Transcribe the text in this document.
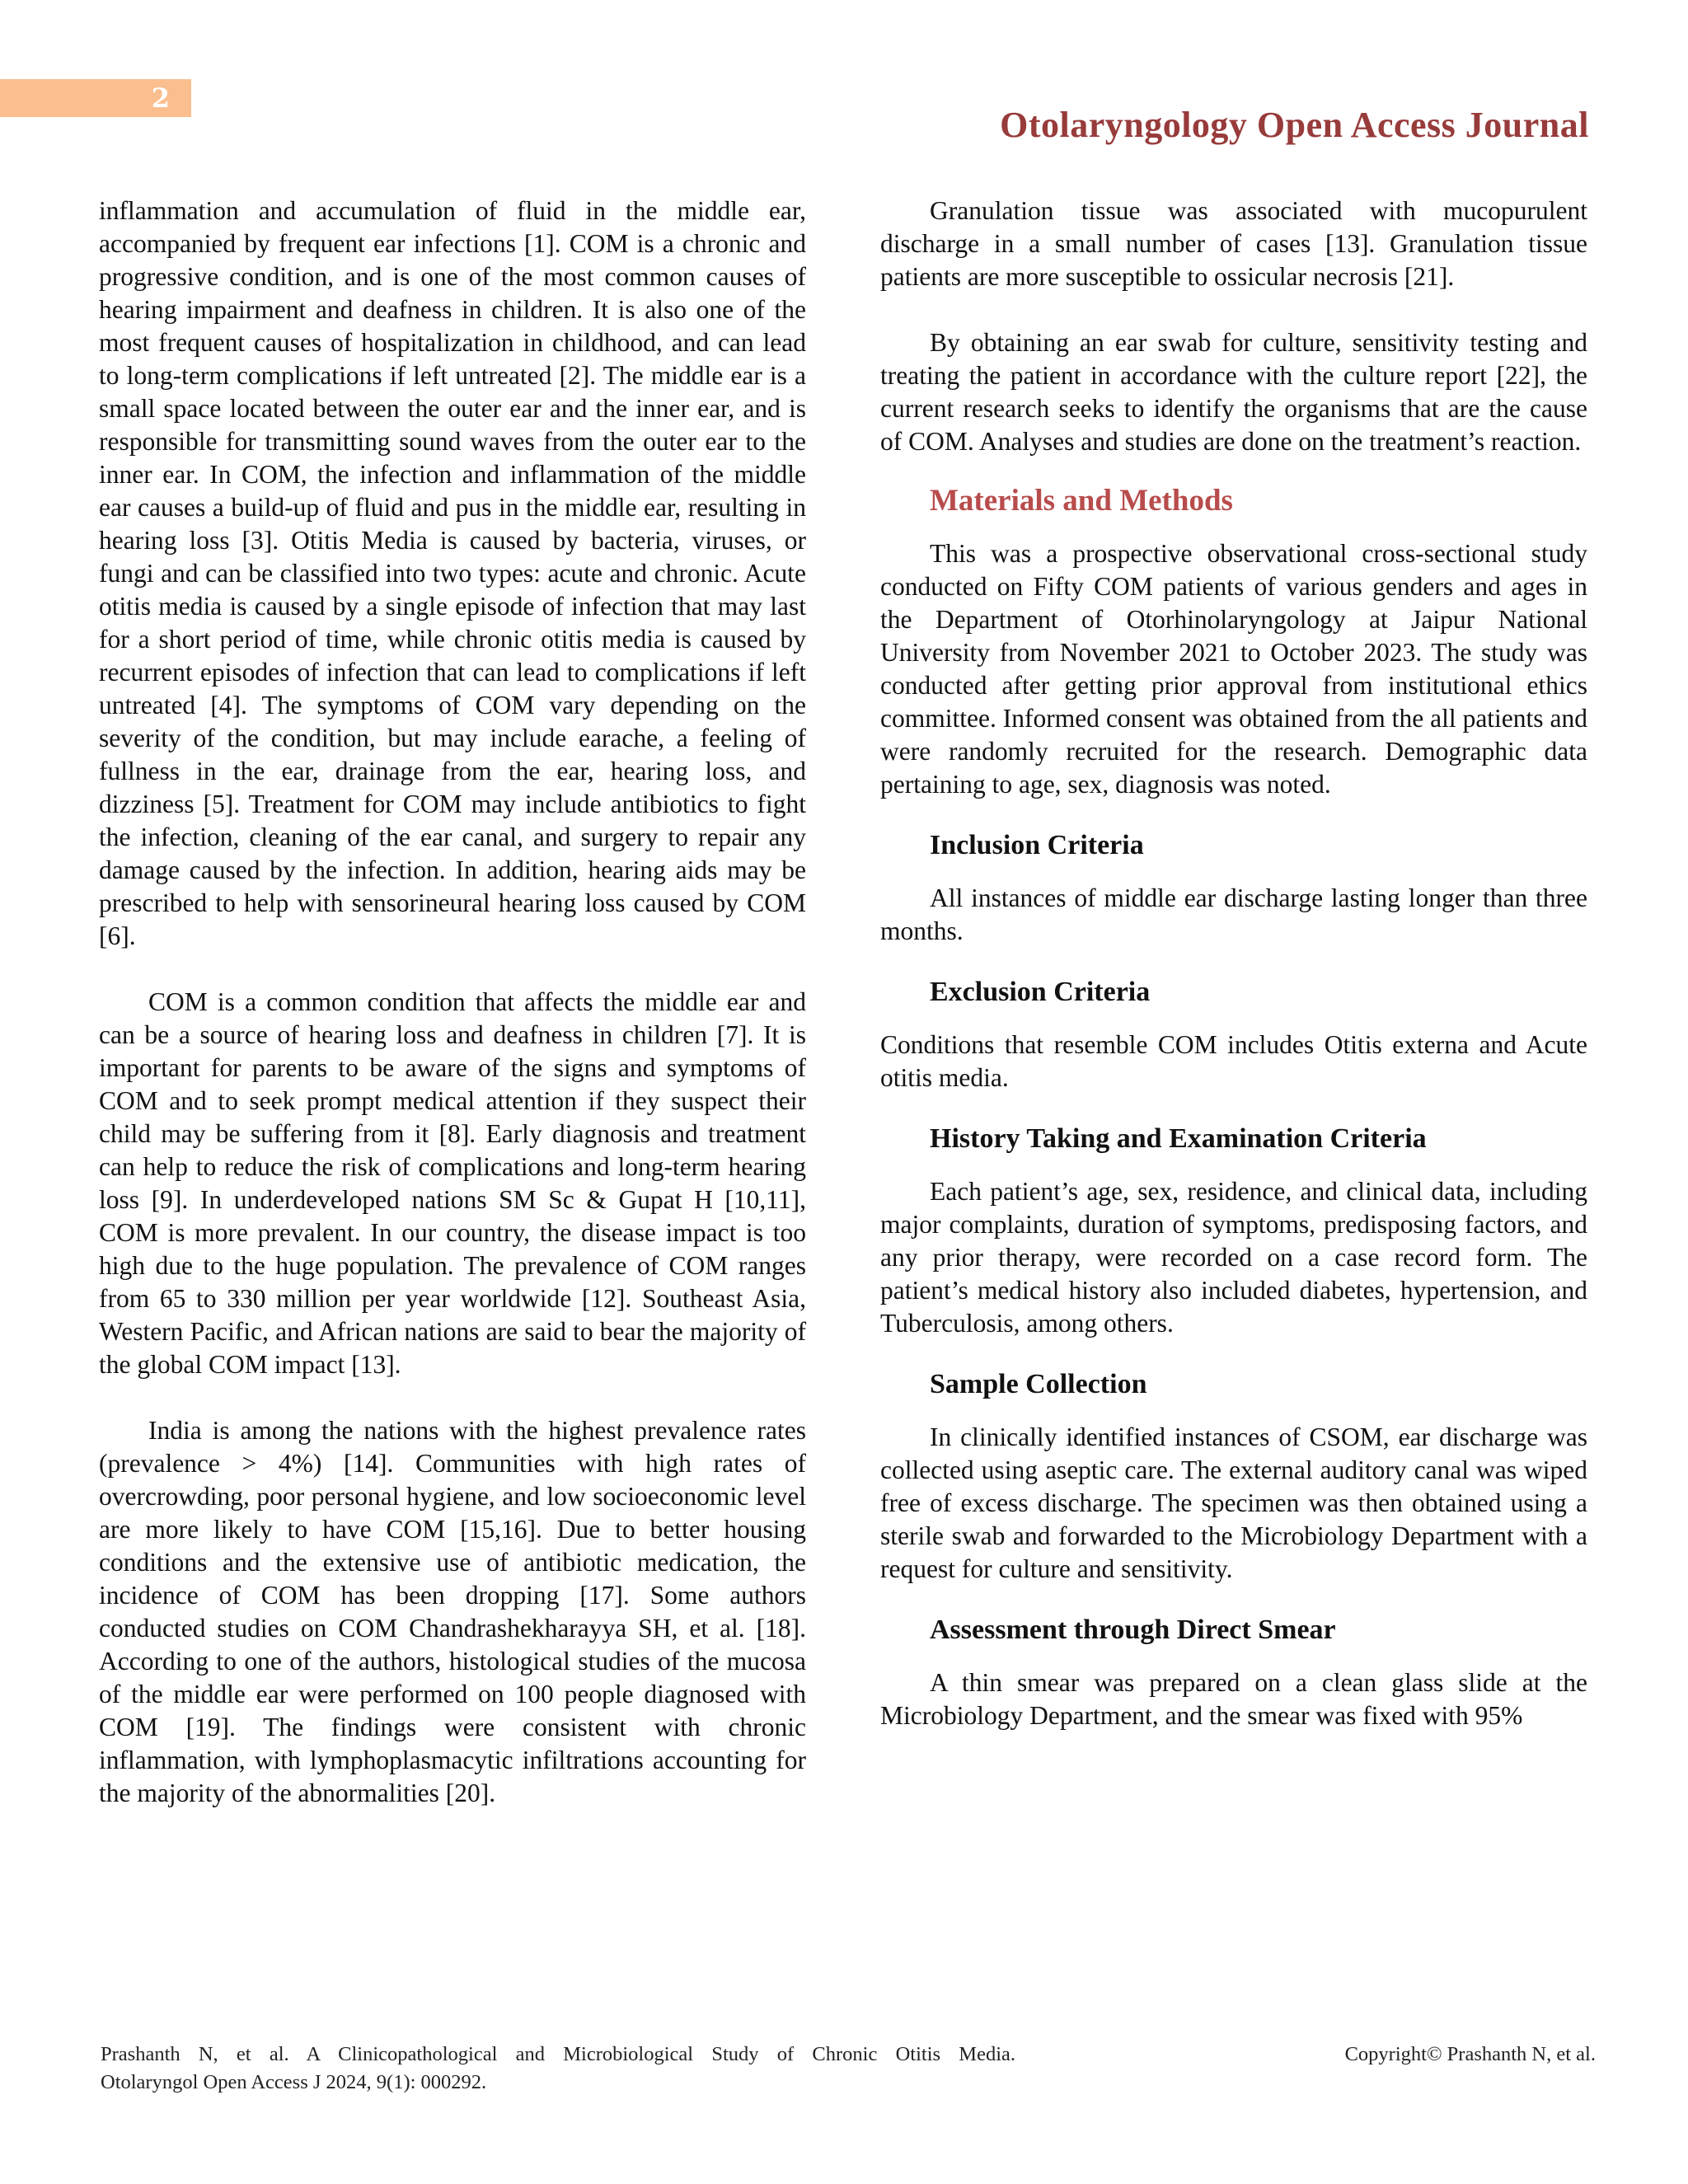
2
Otolaryngology Open Access Journal

inflammation and accumulation of fluid in the middle ear, accompanied by frequent ear infections [1]. COM is a chronic and progressive condition, and is one of the most common causes of hearing impairment and deafness in children. It is also one of the most frequent causes of hospitalization in childhood, and can lead to long-term complications if left untreated [2]. The middle ear is a small space located between the outer ear and the inner ear, and is responsible for transmitting sound waves from the outer ear to the inner ear. In COM, the infection and inflammation of the middle ear causes a build-up of fluid and pus in the middle ear, resulting in hearing loss [3]. Otitis Media is caused by bacteria, viruses, or fungi and can be classified into two types: acute and chronic. Acute otitis media is caused by a single episode of infection that may last for a short period of time, while chronic otitis media is caused by recurrent episodes of infection that can lead to complications if left untreated [4]. The symptoms of COM vary depending on the severity of the condition, but may include earache, a feeling of fullness in the ear, drainage from the ear, hearing loss, and dizziness [5]. Treatment for COM may include antibiotics to fight the infection, cleaning of the ear canal, and surgery to repair any damage caused by the infection. In addition, hearing aids may be prescribed to help with sensorineural hearing loss caused by COM [6].

COM is a common condition that affects the middle ear and can be a source of hearing loss and deafness in children [7]. It is important for parents to be aware of the signs and symptoms of COM and to seek prompt medical attention if they suspect their child may be suffering from it [8]. Early diagnosis and treatment can help to reduce the risk of complications and long-term hearing loss [9]. In underdeveloped nations SM Sc & Gupat H [10,11], COM is more prevalent. In our country, the disease impact is too high due to the huge population. The prevalence of COM ranges from 65 to 330 million per year worldwide [12]. Southeast Asia, Western Pacific, and African nations are said to bear the majority of the global COM impact [13].

India is among the nations with the highest prevalence rates (prevalence > 4%) [14]. Communities with high rates of overcrowding, poor personal hygiene, and low socioeconomic level are more likely to have COM [15,16]. Due to better housing conditions and the extensive use of antibiotic medication, the incidence of COM has been dropping [17]. Some authors conducted studies on COM Chandrashekharayya SH, et al. [18]. According to one of the authors, histological studies of the mucosa of the middle ear were performed on 100 people diagnosed with COM [19]. The findings were consistent with chronic inflammation, with lymphoplasmacytic infiltrations accounting for the majority of the abnormalities [20].

Granulation tissue was associated with mucopurulent discharge in a small number of cases [13]. Granulation tissue patients are more susceptible to ossicular necrosis [21].

By obtaining an ear swab for culture, sensitivity testing and treating the patient in accordance with the culture report [22], the current research seeks to identify the organisms that are the cause of COM. Analyses and studies are done on the treatment’s reaction.

Materials and Methods

This was a prospective observational cross-sectional study conducted on Fifty COM patients of various genders and ages in the Department of Otorhinolaryngology at Jaipur National University from November 2021 to October 2023. The study was conducted after getting prior approval from institutional ethics committee. Informed consent was obtained from the all patients and were randomly recruited for the research. Demographic data pertaining to age, sex, diagnosis was noted.

Inclusion Criteria

All instances of middle ear discharge lasting longer than three months.

Exclusion Criteria

Conditions that resemble COM includes Otitis externa and Acute otitis media.

History Taking and Examination Criteria

Each patient’s age, sex, residence, and clinical data, including major complaints, duration of symptoms, predisposing factors, and any prior therapy, were recorded on a case record form. The patient’s medical history also included diabetes, hypertension, and Tuberculosis, among others.

Sample Collection

In clinically identified instances of CSOM, ear discharge was collected using aseptic care. The external auditory canal was wiped free of excess discharge. The specimen was then obtained using a sterile swab and forwarded to the Microbiology Department with a request for culture and sensitivity.

Assessment through Direct Smear

A thin smear was prepared on a clean glass slide at the Microbiology Department, and the smear was fixed with 95%

Prashanth N, et al. A Clinicopathological and Microbiological Study of Chronic Otitis Media.
Otolaryngol Open Access J 2024, 9(1): 000292.
Copyright© Prashanth N, et al.
